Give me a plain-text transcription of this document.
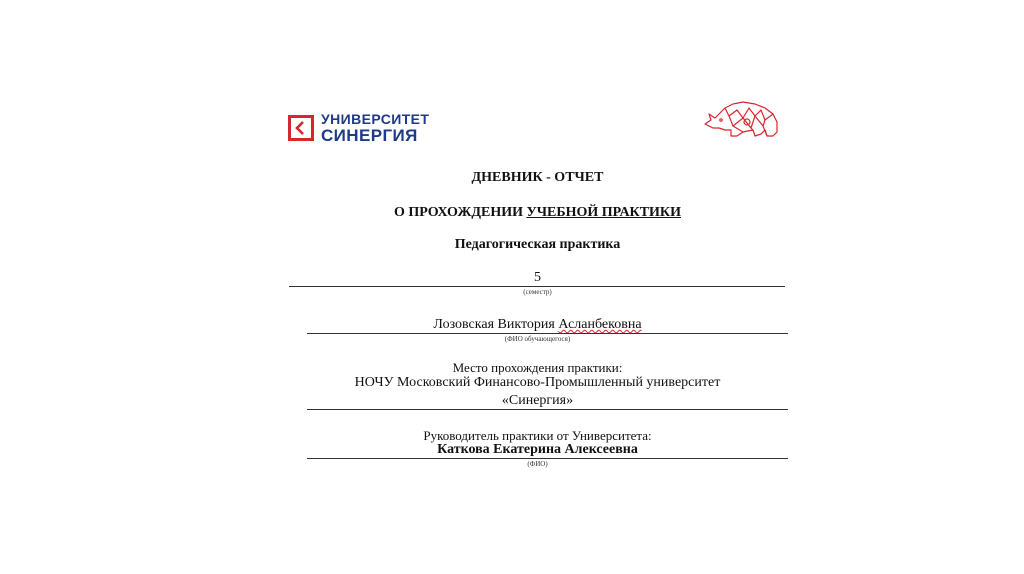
УНИВЕРСИТЕТ
СИНЕРГИЯ
ДНЕВНИК - ОТЧЕТ
О ПРОХОЖДЕНИИ УЧЕБНОЙ ПРАКТИКИ
Педагогическая практика
5
(семестр)
Лозовская Виктория Асланбековна
(ФИО обучающегося)
Место прохождения практики:
НОЧУ Московский Финансово-Промышленный университет
«Синергия»
Руководитель практики от Университета:
Каткова Екатерина Алексеевна
(ФИО)
